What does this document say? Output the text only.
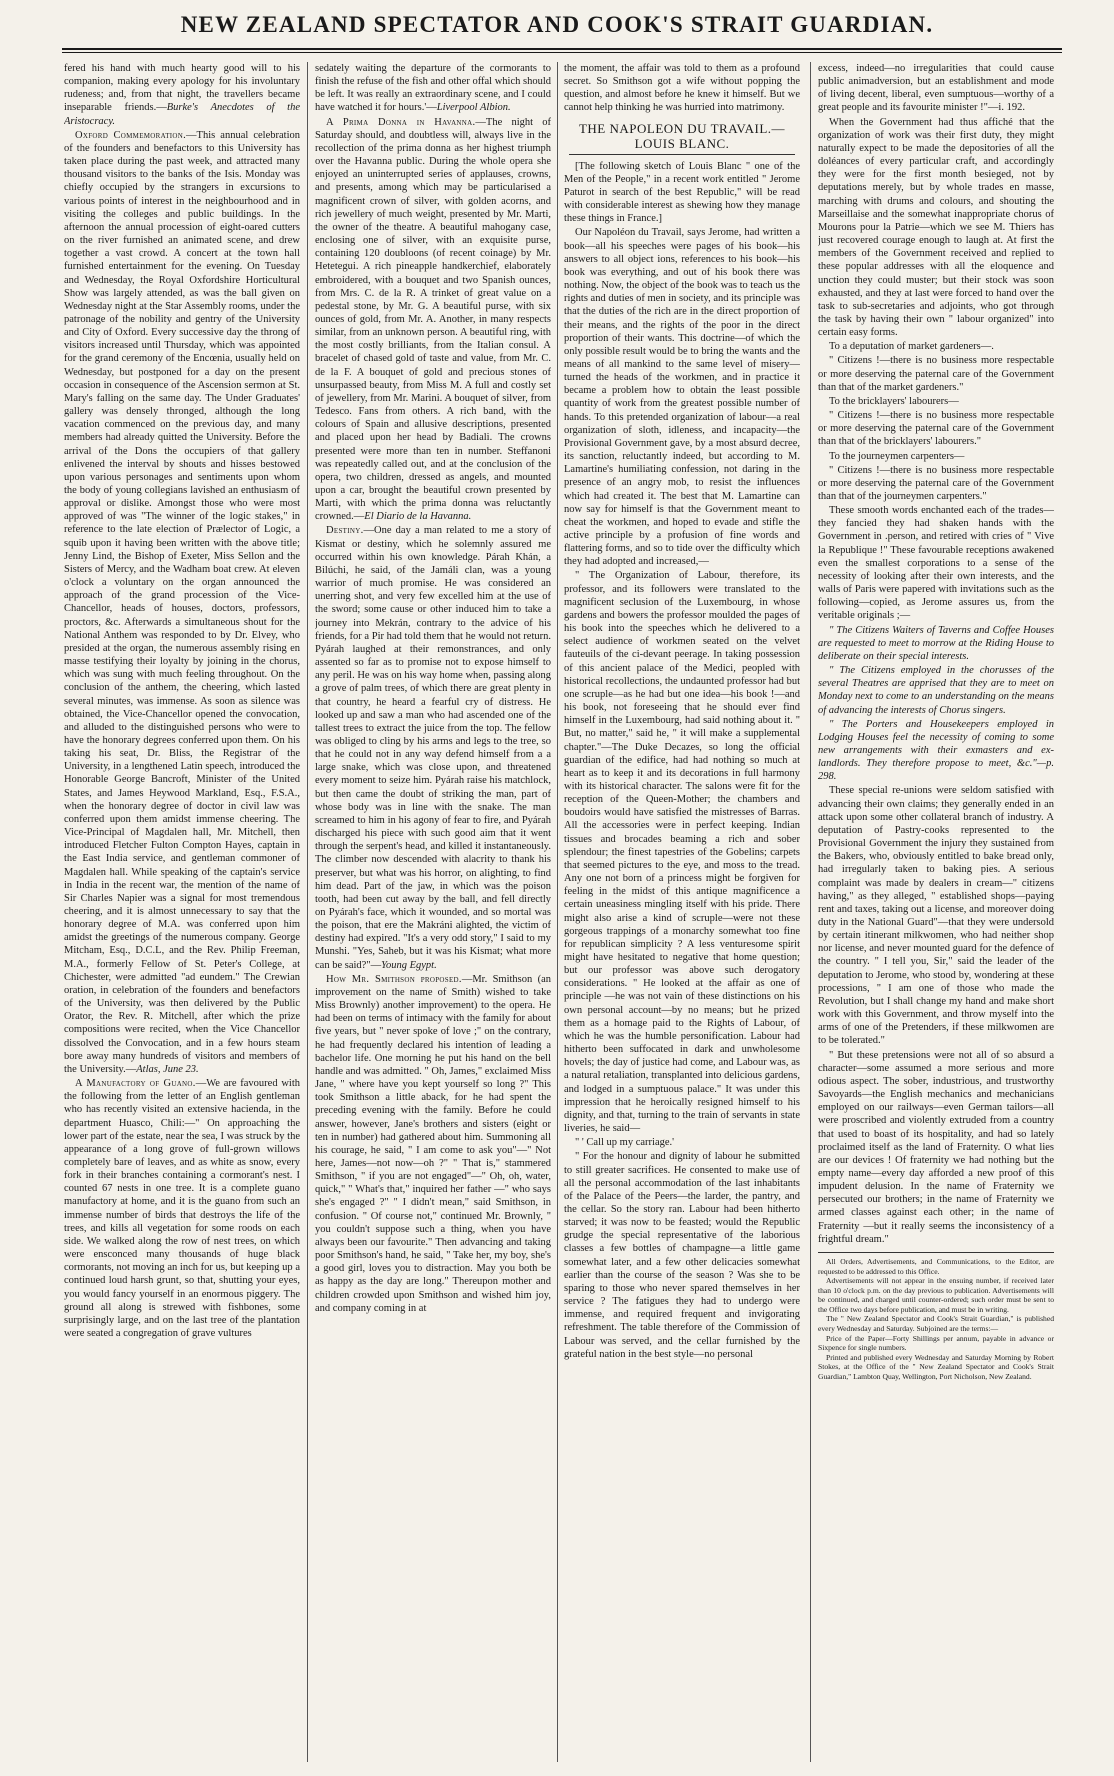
NEW ZEALAND SPECTATOR AND COOK'S STRAIT GUARDIAN.

fered his hand with much hearty good will to his companion, making every apology for his involuntary rudeness; and, from that night, the travellers became inseparable friends.—Burke's Anecdotes of the Aristocracy.

Oxford Commemoration.—This annual celebration of the founders and benefactors to this University has taken place during the past week, and attracted many thousand visitors to the banks of the Isis. Monday was chiefly occupied by the strangers in excursions to various points of interest in the neighbourhood and in visiting the colleges and public buildings. In the afternoon the annual procession of eight-oared cutters on the river furnished an animated scene, and drew together a vast crowd. A concert at the town hall furnished entertainment for the evening. On Tuesday and Wednesday, the Royal Oxfordshire Horticultural Show was largely attended, as was the ball given on Wednesday night at the Star Assembly rooms, under the patronage of the nobility and gentry of the University and City of Oxford. Every successive day the throng of visitors increased until Thursday, which was appointed for the grand ceremony of the Encœnia, usually held on Wednesday, but postponed for a day on the present occasion in consequence of the Ascension sermon at St. Mary's falling on the same day. The Under Graduates' gallery was densely thronged, although the long vacation commenced on the previous day, and many members had already quitted the University. Before the arrival of the Dons the occupiers of that gallery enlivened the interval by shouts and hisses bestowed upon various personages and sentiments upon whom the body of young collegians lavished an enthusiasm of approval or dislike. Amongst those who were most approved of was "The winner of the logic stakes," in reference to the late election of Prælector of Logic, a squib upon it having been written with the above title; Jenny Lind, the Bishop of Exeter, Miss Sellon and the Sisters of Mercy, and the Wadham boat crew. At eleven o'clock a voluntary on the organ announced the approach of the grand procession of the Vice-Chancellor, heads of houses, doctors, professors, proctors, &c. Afterwards a simultaneous shout for the National Anthem was responded to by Dr. Elvey, who presided at the organ, the numerous assembly rising en masse testifying their loyalty by joining in the chorus, which was sung with much feeling throughout. On the conclusion of the anthem, the cheering, which lasted several minutes, was immense. As soon as silence was obtained, the Vice-Chancellor opened the convocation, and alluded to the distinguished persons who were to have the honorary degrees conferred upon them. On his taking his seat, Dr. Bliss, the Registrar of the University, in a lengthened Latin speech, introduced the Honorable George Bancroft, Minister of the United States, and James Heywood Markland, Esq., F.S.A., when the honorary degree of doctor in civil law was conferred upon them amidst immense cheering. The Vice-Principal of Magdalen hall, Mr. Mitchell, then introduced Fletcher Fulton Compton Hayes, captain in the East India service, and gentleman commoner of Magdalen hall. While speaking of the captain's service in India in the recent war, the mention of the name of Sir Charles Napier was a signal for most tremendous cheering, and it is almost unnecessary to say that the honorary degree of M.A. was conferred upon him amidst the greetings of the numerous company. George Mitcham, Esq., D.C.L, and the Rev. Philip Freeman, M.A., formerly Fellow of St. Peter's College, at Chichester, were admitted "ad eundem." The Crewian oration, in celebration of the founders and benefactors of the University, was then delivered by the Public Orator, the Rev. R. Mitchell, after which the prize compositions were recited, when the Vice Chancellor dissolved the Convocation, and in a few hours steam bore away many hundreds of visitors and members of the University.—Atlas, June 23.

A Manufactory of Guano.—We are favoured with the following from the letter of an English gentleman who has recently visited an extensive hacienda, in the department Huasco, Chili:—" On approaching the lower part of the estate, near the sea, I was struck by the appearance of a long grove of full-grown willows completely bare of leaves, and as white as snow, every fork in their branches containing a cormorant's nest. I counted 67 nests in one tree. It is a complete guano manufactory at home, and it is the guano from such an immense number of birds that destroys the life of the trees, and kills all vegetation for some roods on each side. We walked along the row of nest trees, on which were ensconced many thousands of huge black cormorants, not moving an inch for us, but keeping up a continued loud harsh grunt, so that, shutting your eyes, you would fancy yourself in an enormous piggery. The ground all along is strewed with fishbones, some surprisingly large, and on the last tree of the plantation were seated a congregation of grave vultures

sedately waiting the departure of the cormorants to finish the refuse of the fish and other offal which should be left. It was really an extraordinary scene, and I could have watched it for hours.'—Liverpool Albion.

A Prima Donna in Havanna.—The night of Saturday should, and doubtless will, always live in the recollection of the prima donna as her highest triumph over the Havanna public. During the whole opera she enjoyed an uninterrupted series of applauses, crowns, and presents, among which may be particularised a magnificent crown of silver, with golden acorns, and rich jewellery of much weight, presented by Mr. Marti, the owner of the theatre. A beautiful mahogany case, enclosing one of silver, with an exquisite purse, containing 120 doubloons (of recent coinage) by Mr. Hetetegui. A rich pineapple handkerchief, elaborately embroidered, with a bouquet and two Spanish ounces, from Mrs. C. de la R. A trinket of great value on a pedestal stone, by Mr. G. A beautiful purse, with six ounces of gold, from Mr. A. Another, in many respects similar, from an unknown person. A beautiful ring, with the most costly brilliants, from the Italian consul. A bracelet of chased gold of taste and value, from Mr. C. de la F. A bouquet of gold and precious stones of unsurpassed beauty, from Miss M. A full and costly set of jewellery, from Mr. Marini. A bouquet of silver, from Tedesco. Fans from others. A rich band, with the colours of Spain and allusive descriptions, presented and placed upon her head by Badiali. The crowns presented were more than ten in number. Steffanoni was repeatedly called out, and at the conclusion of the opera, two children, dressed as angels, and mounted upon a car, brought the beautiful crown presented by Marti, with which the prima donna was reluctantly crowned.—El Diario de la Havanna.

Destiny.—One day a man related to me a story of Kismat or destiny, which he solemnly assured me occurred within his own knowledge. Párah Khán, a Bilúchi, he said, of the Jamáli clan, was a young warrior of much promise. He was considered an unerring shot, and very few excelled him at the use of the sword; some cause or other induced him to take a journey into Mekrán, contrary to the advice of his friends, for a Pir had told them that he would not return. Pyárah laughed at their remonstrances, and only assented so far as to promise not to expose himself to any peril. He was on his way home when, passing along a grove of palm trees, of which there are great plenty in that country, he heard a fearful cry of distress. He looked up and saw a man who had ascended one of the tallest trees to extract the juice from the top. The fellow was obliged to cling by his arms and legs to the tree, so that he could not in any way defend himself from a a large snake, which was close upon, and threatened every moment to seize him. Pyárah raise his matchlock, but then came the doubt of striking the man, part of whose body was in line with the snake. The man screamed to him in his agony of fear to fire, and Pyárah discharged his piece with such good aim that it went through the serpent's head, and killed it instantaneously. The climber now descended with alacrity to thank his preserver, but what was his horror, on alighting, to find him dead. Part of the jaw, in which was the poison tooth, had been cut away by the ball, and fell directly on Pyárah's face, which it wounded, and so mortal was the poison, that ere the Makráni alighted, the victim of destiny had expired. "It's a very odd story," I said to my Munshi. "Yes, Saheb, but it was his Kismat; what more can be said?"—Young Egypt.

How Mr. Smithson proposed.—Mr. Smithson (an improvement on the name of Smith) wished to take Miss Brownly) another improvement) to the opera. He had been on terms of intimacy with the family for about five years, but " never spoke of love ;" on the contrary, he had frequently declared his intention of leading a bachelor life. One morning he put his hand on the bell handle and was admitted. " Oh, James," exclaimed Miss Jane, " where have you kept yourself so long ?" This took Smithson a little aback, for he had spent the preceding evening with the family. Before he could answer, however, Jane's brothers and sisters (eight or ten in number) had gathered about him. Summoning all his courage, he said, " I am come to ask you"—" Not here, James—not now—oh ?" " That is," stammered Smithson, " if you are not engaged"—" Oh, oh, water, quick," " What's that," inquired her father —" who says she's engaged ?" " I didn't mean," said Smithson, in confusion. " Of course not," continued Mr. Brownly, " you couldn't suppose such a thing, when you have always been our favourite." Then advancing and taking poor Smithson's hand, he said, " Take her, my boy, she's a good girl, loves you to distraction. May you both be as happy as the day are long." Thereupon mother and children crowded upon Smithson and wished him joy, and company coming in at

the moment, the affair was told to them as a profound secret. So Smithson got a wife without popping the question, and almost before he knew it himself. But we cannot help thinking he was hurried into matrimony.

THE NAPOLEON DU TRAVAIL.—LOUIS BLANC.

[The following sketch of Louis Blanc " one of the Men of the People," in a recent work entitled " Jerome Paturot in search of the best Republic," will be read with considerable interest as shewing how they manage these things in France.]

Our Napoléon du Travail, says Jerome, had written a book—all his speeches were pages of his book—his answers to all object ions, references to his book—his book was everything, and out of his book there was nothing. Now, the object of the book was to teach us the rights and duties of men in society, and its principle was that the duties of the rich are in the direct proportion of their means, and the rights of the poor in the direct proportion of their wants. This doctrine—of which the only possible result would be to bring the wants and the means of all mankind to the same level of misery—turned the heads of the workmen, and in practice it became a problem how to obtain the least possible quantity of work from the greatest possible number of hands. To this pretended organization of labour—a real organization of sloth, idleness, and incapacity—the Provisional Government gave, by a most absurd decree, its sanction, reluctantly indeed, but according to M. Lamartine's humiliating confession, not daring in the presence of an angry mob, to resist the influences which had created it. The best that M. Lamartine can now say for himself is that the Government meant to cheat the workmen, and hoped to evade and stifle the active principle by a profusion of fine words and flattering forms, and so to tide over the difficulty which they had adopted and increased,—

" The Organization of Labour, therefore, its professor, and its followers were translated to the magnificent seclusion of the Luxembourg, in whose gardens and bowers the professor moulded the pages of his book into the speeches which he delivered to a select audience of workmen seated on the velvet fauteuils of the ci-devant peerage. In taking possession of this ancient palace of the Medici, peopled with historical recollections, the undaunted professor had but one scruple—as he had but one idea—his book !—and his book, not foreseeing that he should ever find himself in the Luxembourg, had said nothing about it. " But, no matter," said he, " it will make a supplemental chapter."—The Duke Decazes, so long the official guardian of the edifice, had had nothing so much at heart as to keep it and its decorations in full harmony with its historical character. The salons were fit for the reception of the Queen-Mother; the chambers and boudoirs would have satisfied the mistresses of Barras. All the accessories were in perfect keeping. Indian tissues and brocades beaming a rich and sober splendour; the finest tapestries of the Gobelins; carpets that seemed pictures to the eye, and moss to the tread. Any one not born of a princess might be forgiven for feeling in the midst of this antique magnificence a certain uneasiness mingling itself with his pride. There might also arise a kind of scruple—were not these gorgeous trappings of a monarchy somewhat too fine for republican simplicity ? A less venturesome spirit might have hesitated to negative that home question; but our professor was above such derogatory considerations. " He looked at the affair as one of principle —he was not vain of these distinctions on his own personal account—by no means; but he prized them as a homage paid to the Rights of Labour, of which he was the humble personification. Labour had hitherto been suffocated in dark and unwholesome hovels; the day of justice had come, and Labour was, as a natural retaliation, transplanted into delicious gardens, and lodged in a sumptuous palace." It was under this impression that he heroically resigned himself to his dignity, and that, turning to the train of servants in state liveries, he said—

" ' Call up my carriage.'

" For the honour and dignity of labour he submitted to still greater sacrifices. He consented to make use of all the personal accommodation of the last inhabitants of the Palace of the Peers—the larder, the pantry, and the cellar. So the story ran. Labour had been hitherto starved; it was now to be feasted; would the Republic grudge the special representative of the laborious classes a few bottles of champagne—a little game somewhat later, and a few other delicacies somewhat earlier than the course of the season ? Was she to be sparing to those who never spared themselves in her service ? The fatigues they had to undergo were immense, and required frequent and invigorating refreshment. The table therefore of the Commission of Labour was served, and the cellar furnished by the grateful nation in the best style—no personal

excess, indeed—no irregularities that could cause public animadversion, but an establishment and mode of living decent, liberal, even sumptuous—worthy of a great people and its favourite minister !"—i. 192.

When the Government had thus affiché that the organization of work was their first duty, they might naturally expect to be made the depositories of all the doléances of every particular craft, and accordingly they were for the first month besieged, not by deputations merely, but by whole trades en masse, marching with drums and colours, and shouting the Marseillaise and the somewhat inappropriate chorus of Mourons pour la Patrie—which we see M. Thiers has just recovered courage enough to laugh at. At first the members of the Government received and replied to these popular addresses with all the eloquence and unction they could muster; but their stock was soon exhausted, and they at last were forced to hand over the task to sub-secretaries and adjoints, who got through the task by having their own " labour organized" into certain easy forms.

To a deputation of market gardeners—.

" Citizens !—there is no business more respectable or more deserving the paternal care of the Government than that of the market gardeners."

To the bricklayers' labourers—

" Citizens !—there is no business more respectable or more deserving the paternal care of the Government than that of the bricklayers' labourers."

To the journeymen carpenters—

" Citizens !—there is no business more respectable or more deserving the paternal care of the Government than that of the journeymen carpenters."

These smooth words enchanted each of the trades—they fancied they had shaken hands with the Government in .person, and retired with cries of " Vive la Republique !" These favourable receptions awakened even the smallest corporations to a sense of the necessity of looking after their own interests, and the walls of Paris were papered with invitations such as the following—copied, as Jerome assures us, from the veritable originals ;—

" The Citizens Waiters of Taverns and Coffee Houses are requested to meet to morrow at the Riding House to deliberate on their special interests.

" The Citizens employed in the chorusses of the several Theatres are apprised that they are to meet on Monday next to come to an understanding on the means of advancing the interests of Chorus singers.

" The Porters and Housekeepers employed in Lodging Houses feel the necessity of coming to some new arrangements with their exmasters and ex-landlords. They therefore propose to meet, &c."—p. 298.

These special re-unions were seldom satisfied with advancing their own claims; they generally ended in an attack upon some other collateral branch of industry. A deputation of Pastry-cooks represented to the Provisional Government the injury they sustained from the Bakers, who, obviously entitled to bake bread only, had irregularly taken to baking pies. A serious complaint was made by dealers in cream—" citizens having," as they alleged, " established shops—paying rent and taxes, taking out a license, and moreover doing duty in the National Guard"—that they were undersold by certain itinerant milkwomen, who had neither shop nor license, and never mounted guard for the defence of the country. " I tell you, Sir," said the leader of the deputation to Jerome, who stood by, wondering at these processions, " I am one of those who made the Revolution, but I shall change my hand and make short work with this Government, and throw myself into the arms of one of the Pretenders, if these milkwomen are to be tolerated."

" But these pretensions were not all of so absurd a character—some assumed a more serious and more odious aspect. The sober, industrious, and trustworthy Savoyards—the English mechanics and mechanicians employed on our railways—even German tailors—all were proscribed and violently extruded from a country that used to boast of its hospitality, and had so lately proclaimed itself as the land of Fraternity. O what lies are our devices ! Of fraternity we had nothing but the empty name—every day afforded a new proof of this impudent delusion. In the name of Fraternity we persecuted our brothers; in the name of Fraternity we armed classes against each other; in the name of Fraternity —but it really seems the inconsistency of a frightful dream."

All Orders, Advertisements, and Communications, to the Editor, are requested to be addressed to this Office.

Advertisements will not appear in the ensuing number, if received later than 10 o'clock p.m. on the day previous to publication. Advertisements will be continued, and charged until counter-ordered; such order must be sent to the Office two days before publication, and must be in writing.

The " New Zealand Spectator and Cook's Strait Guardian," is published every Wednesday and Saturday. Subjoined are the terms:—

Price of the Paper—Forty Shillings per annum, payable in advance or Sixpence for single numbers.

Printed and published every Wednesday and Saturday Morning by Robert Stokes, at the Office of the " New Zealand Spectator and Cook's Strait Guardian," Lambton Quay, Wellington, Port Nicholson, New Zealand.
